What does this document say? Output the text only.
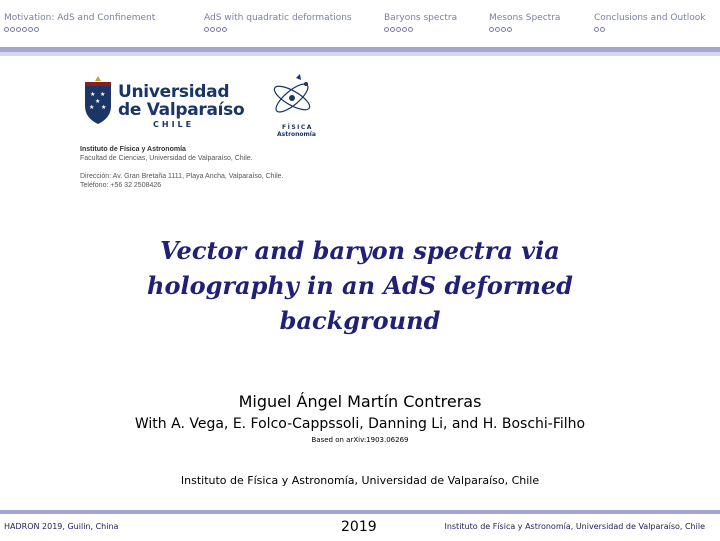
Motivation: AdS and Confinement	AdS with quadratic deformations	Baryons spectra	Mesons Spectra	Conclusions and Outlook
★ ★
★
★ ★
Universidad
de Valparaíso
CHILE	FÍSICA
Astronomía
Instituto de Física y Astronomía
Facultad de Ciencias, Universidad de Valparaíso, Chile.
Dirección: Av. Gran Bretaña 1111, Playa Ancha, Valparaíso, Chile.
Teléfono: +56 32 2508426
Vector and baryon spectra via
holography in an AdS deformed
background
Miguel Ángel Martín Contreras
With A. Vega, E. Folco-Cappssoli, Danning Li, and H. Boschi-Filho
Based on arXiv:1903.06269
Instituto de Física y Astronomía, Universidad de Valparaíso, Chile
HADRON 2019, Guilin, China	2019	Instituto de Física y Astronomía, Universidad de Valparaíso, Chile
